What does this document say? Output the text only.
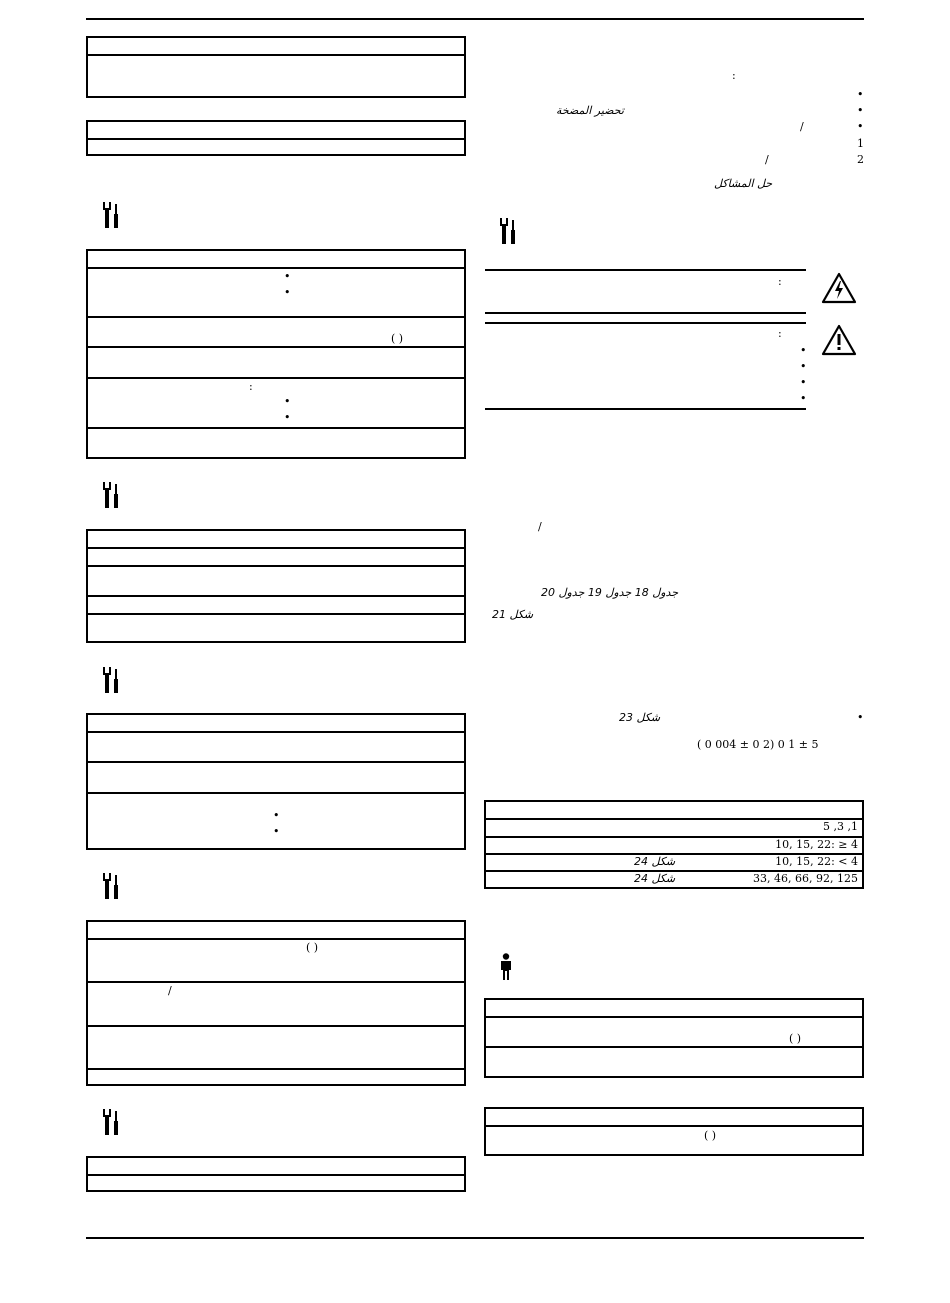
•
•
( )
:
•
•
•
•
( )
/
:
•
•
تحضير المضخة
•
/
1
2
/
حل المشاكل
:
:
•
•
•
•
/
جدول 18 جدول 19 جدول 20
شكل 21
•
شكل 23
( 0 004 ± 0 2) 0 1 ± 5
5 ,3 ,1
10, 15, 22: ≥ 4
شكل 24	10, 15, 22: < 4
شكل 24	33, 46, 66, 92, 125
( )
( )
